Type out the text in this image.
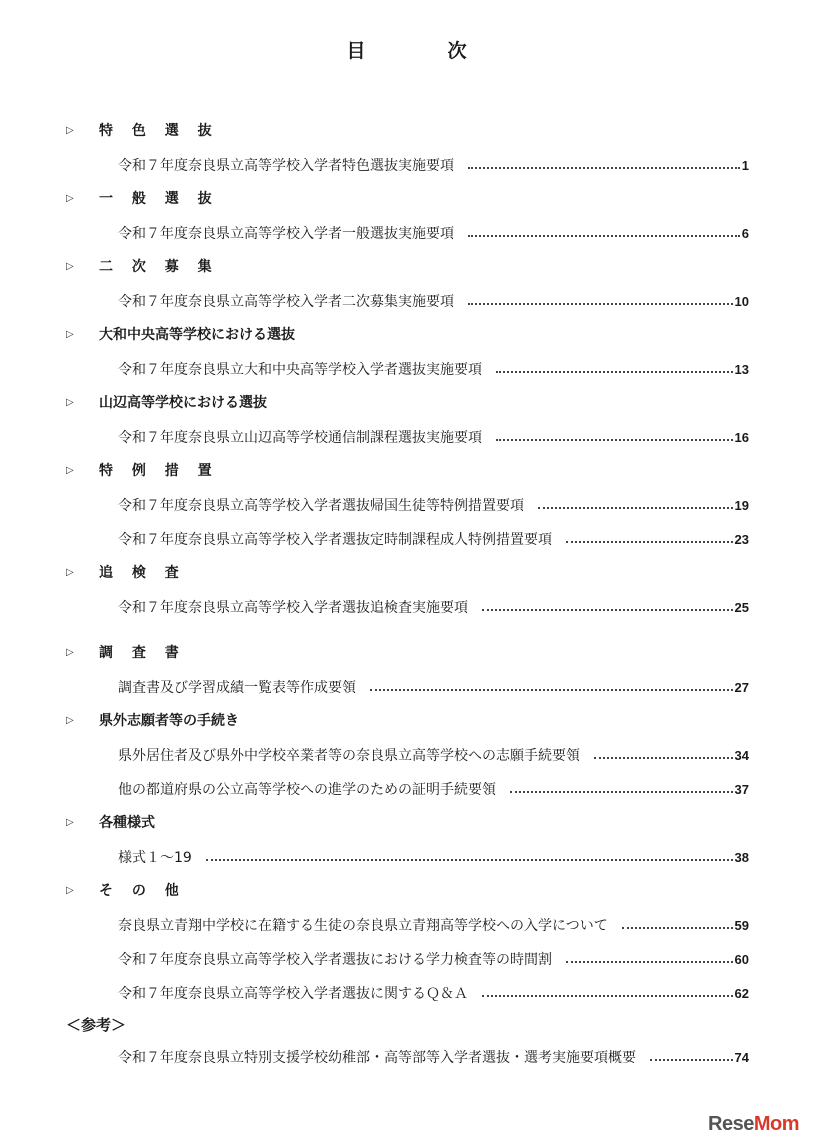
目	次
▷ 特 色 選 抜
令和７年度奈良県立高等学校入学者特色選抜実施要項	1
▷ 一 般 選 抜
令和７年度奈良県立高等学校入学者一般選抜実施要項	6
▷ 二 次 募 集
令和７年度奈良県立高等学校入学者二次募集実施要項	10
▷ 大和中央高等学校における選抜
令和７年度奈良県立大和中央高等学校入学者選抜実施要項	13
▷ 山辺高等学校における選抜
令和７年度奈良県立山辺高等学校通信制課程選抜実施要項	16
▷ 特 例 措 置
令和７年度奈良県立高等学校入学者選抜帰国生徒等特例措置要項	19
令和７年度奈良県立高等学校入学者選抜定時制課程成人特例措置要項	23
▷ 追 検 査
令和７年度奈良県立高等学校入学者選抜追検査実施要項	25
▷ 調 査 書
調査書及び学習成績一覧表等作成要領	27
▷ 県外志願者等の手続き
県外居住者及び県外中学校卒業者等の奈良県立高等学校への志願手続要領	34
他の都道府県の公立高等学校への進学のための証明手続要領	37
▷ 各種様式
様式１～19	38
▷ そ の 他
奈良県立青翔中学校に在籍する生徒の奈良県立青翔高等学校への入学について	59
令和７年度奈良県立高等学校入学者選抜における学力検査等の時間割	60
令和７年度奈良県立高等学校入学者選抜に関するＱ＆Ａ	62
＜参考＞
令和７年度奈良県立特別支援学校幼稚部・高等部等入学者選抜・選考実施要項概要	74
ReseMom
